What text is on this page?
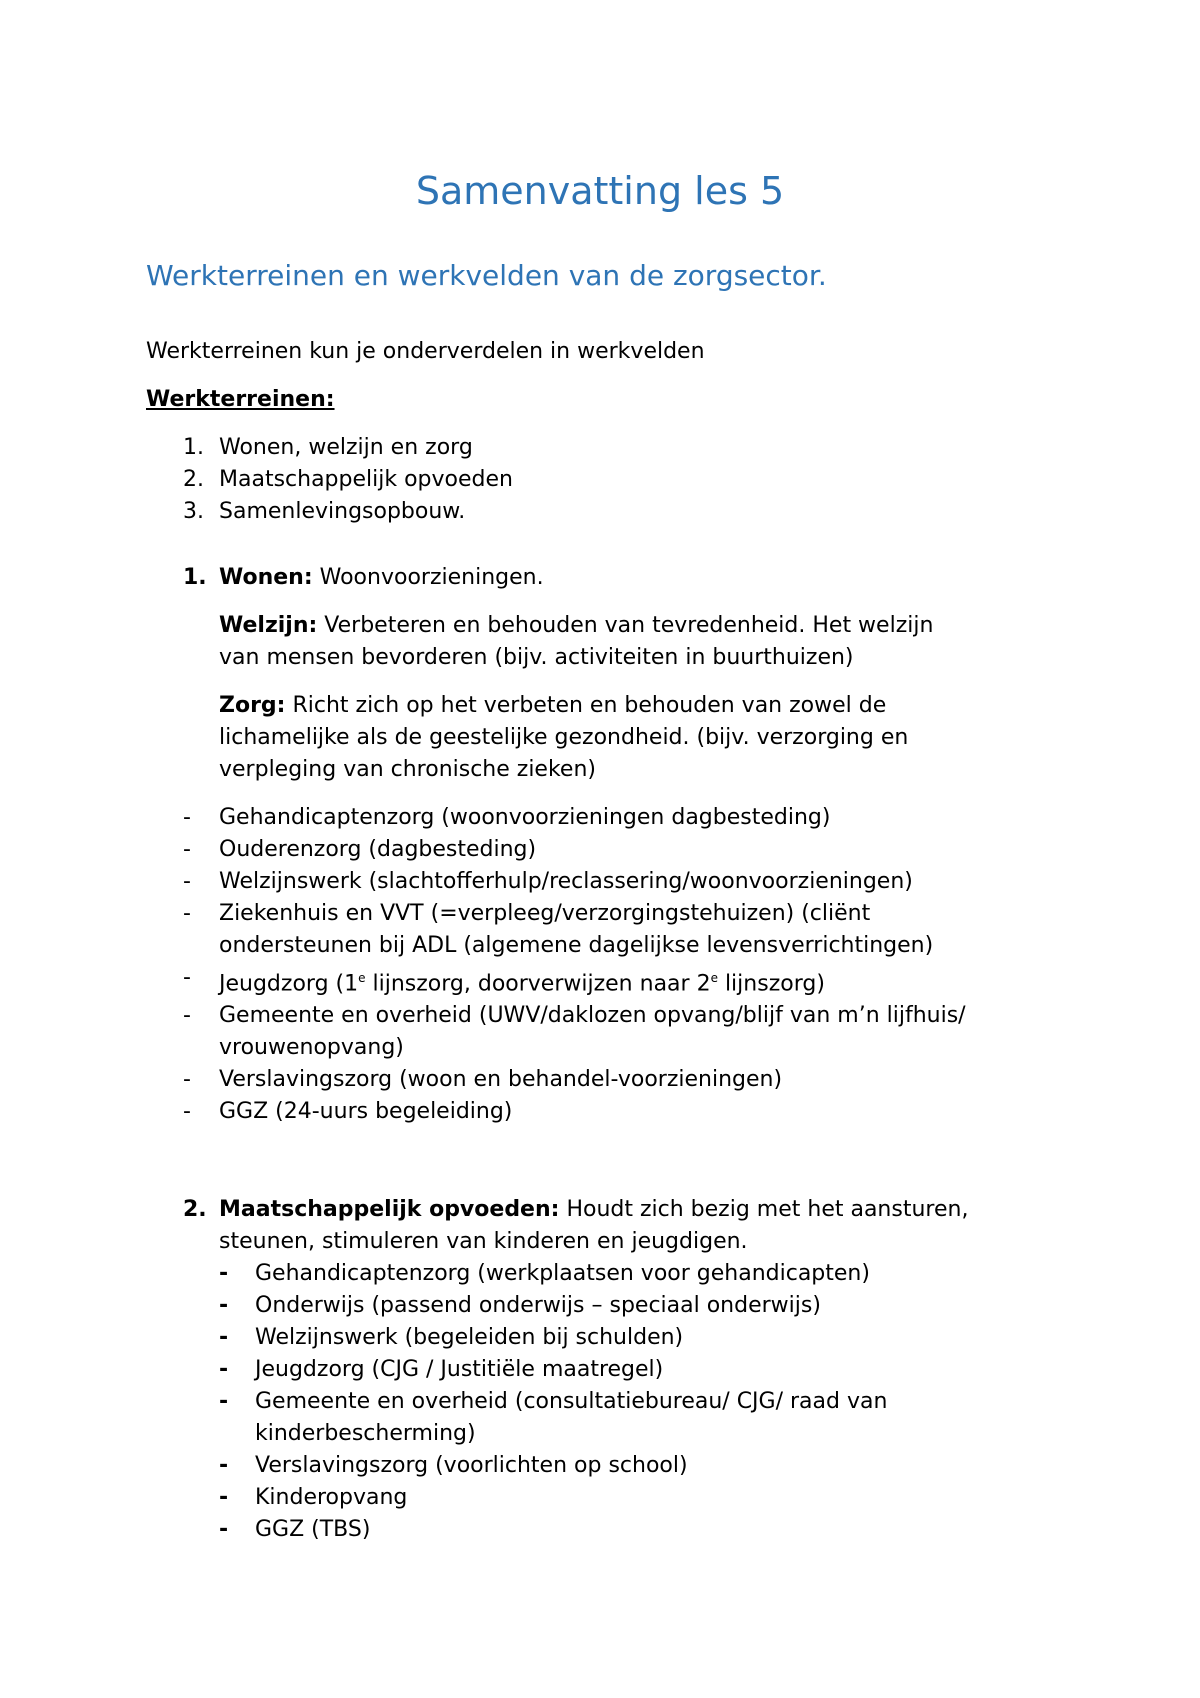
Samenvatting les 5
Werkterreinen en werkvelden van de zorgsector.

Werkterreinen kun je onderverdelen in werkvelden

Werkterreinen:

1. Wonen, welzijn en zorg
2. Maatschappelijk opvoeden
3. Samenlevingsopbouw.
1. Wonen: Woonvoorzieningen.

Welzijn: Verbeteren en behouden van tevredenheid. Het welzijn
van mensen bevorderen (bijv. activiteiten in buurthuizen)

Zorg: Richt zich op het verbeten en behouden van zowel de
lichamelijke als de geestelijke gezondheid. (bijv. verzorging en
verpleging van chronische zieken)

- Gehandicaptenzorg (woonvoorzieningen dagbesteding)
- Ouderenzorg (dagbesteding)
- Welzijnswerk (slachtofferhulp/reclassering/woonvoorzieningen)
- Ziekenhuis en VVT (=verpleeg/verzorgingstehuizen) (cliënt
ondersteunen bij ADL (algemene dagelijkse levensverrichtingen)
- Jeugdzorg (1e lijnszorg, doorverwijzen naar 2e lijnszorg)
- Gemeente en overheid (UWV/daklozen opvang/blijf van m’n lijfhuis/
vrouwenopvang)
- Verslavingszorg (woon en behandel-voorzieningen)
- GGZ (24-uurs begeleiding)
2. Maatschappelijk opvoeden: Houdt zich bezig met het aansturen,
steunen, stimuleren van kinderen en jeugdigen.
- Gehandicaptenzorg (werkplaatsen voor gehandicapten)
- Onderwijs (passend onderwijs – speciaal onderwijs)
- Welzijnswerk (begeleiden bij schulden)
- Jeugdzorg (CJG / Justitiële maatregel)
- Gemeente en overheid (consultatiebureau/ CJG/ raad van
kinderbescherming)
- Verslavingszorg (voorlichten op school)
- Kinderopvang
- GGZ (TBS)
